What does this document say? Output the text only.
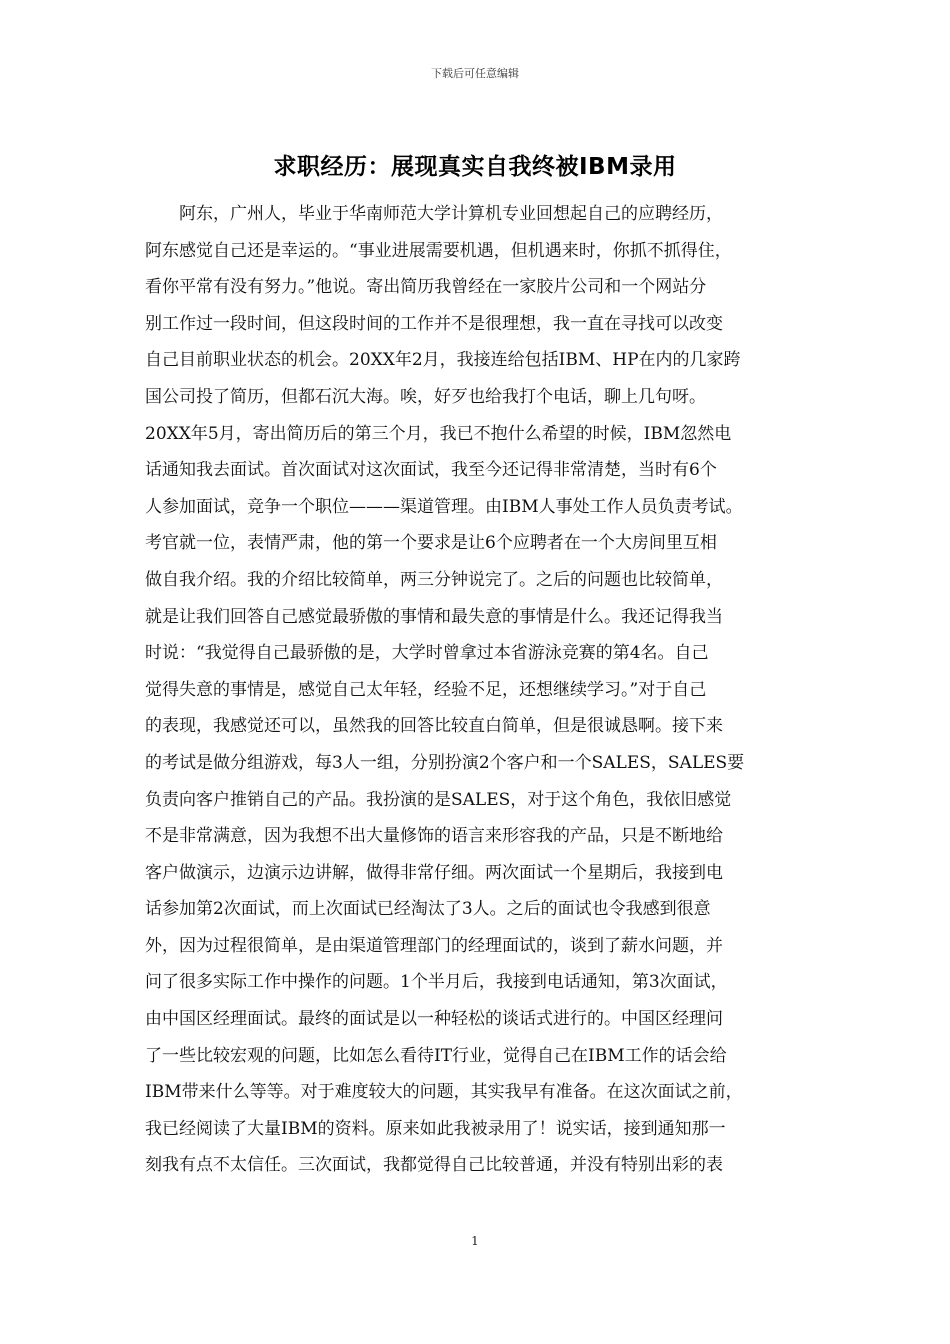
下载后可任意编辑
求职经历：展现真实自我终被IBM录用
　　阿东，广州人，毕业于华南师范大学计算机专业回想起自己的应聘经历，
阿东感觉自己还是幸运的。“事业进展需要机遇，但机遇来时，你抓不抓得住，
看你平常有没有努力。”他说。寄出简历我曾经在一家胶片公司和一个网站分
别工作过一段时间，但这段时间的工作并不是很理想，我一直在寻找可以改变
自己目前职业状态的机会。20XX年2月，我接连给包括IBM、HP在内的几家跨
国公司投了简历，但都石沉大海。唉，好歹也给我打个电话，聊上几句呀。
20XX年5月，寄出简历后的第三个月，我已不抱什么希望的时候，IBM忽然电
话通知我去面试。首次面试对这次面试，我至今还记得非常清楚，当时有6个
人参加面试，竞争一个职位———渠道管理。由IBM人事处工作人员负责考试。
考官就一位，表情严肃，他的第一个要求是让6个应聘者在一个大房间里互相
做自我介绍。我的介绍比较简单，两三分钟说完了。之后的问题也比较简单，
就是让我们回答自己感觉最骄傲的事情和最失意的事情是什么。我还记得我当
时说：“我觉得自己最骄傲的是，大学时曾拿过本省游泳竞赛的第4名。自己
觉得失意的事情是，感觉自己太年轻，经验不足，还想继续学习。”对于自己
的表现，我感觉还可以，虽然我的回答比较直白简单，但是很诚恳啊。接下来
的考试是做分组游戏，每3人一组，分别扮演2个客户和一个SALES，SALES要
负责向客户推销自己的产品。我扮演的是SALES，对于这个角色，我依旧感觉
不是非常满意，因为我想不出大量修饰的语言来形容我的产品，只是不断地给
客户做演示，边演示边讲解，做得非常仔细。两次面试一个星期后，我接到电
话参加第2次面试，而上次面试已经淘汰了3人。之后的面试也令我感到很意
外，因为过程很简单，是由渠道管理部门的经理面试的，谈到了薪水问题，并
问了很多实际工作中操作的问题。1个半月后，我接到电话通知，第3次面试，
由中国区经理面试。最终的面试是以一种轻松的谈话式进行的。中国区经理问
了一些比较宏观的问题，比如怎么看待IT行业，觉得自己在IBM工作的话会给
IBM带来什么等等。对于难度较大的问题，其实我早有准备。在这次面试之前，
我已经阅读了大量IBM的资料。原来如此我被录用了！说实话，接到通知那一
刻我有点不太信任。三次面试，我都觉得自己比较普通，并没有特别出彩的表
1
